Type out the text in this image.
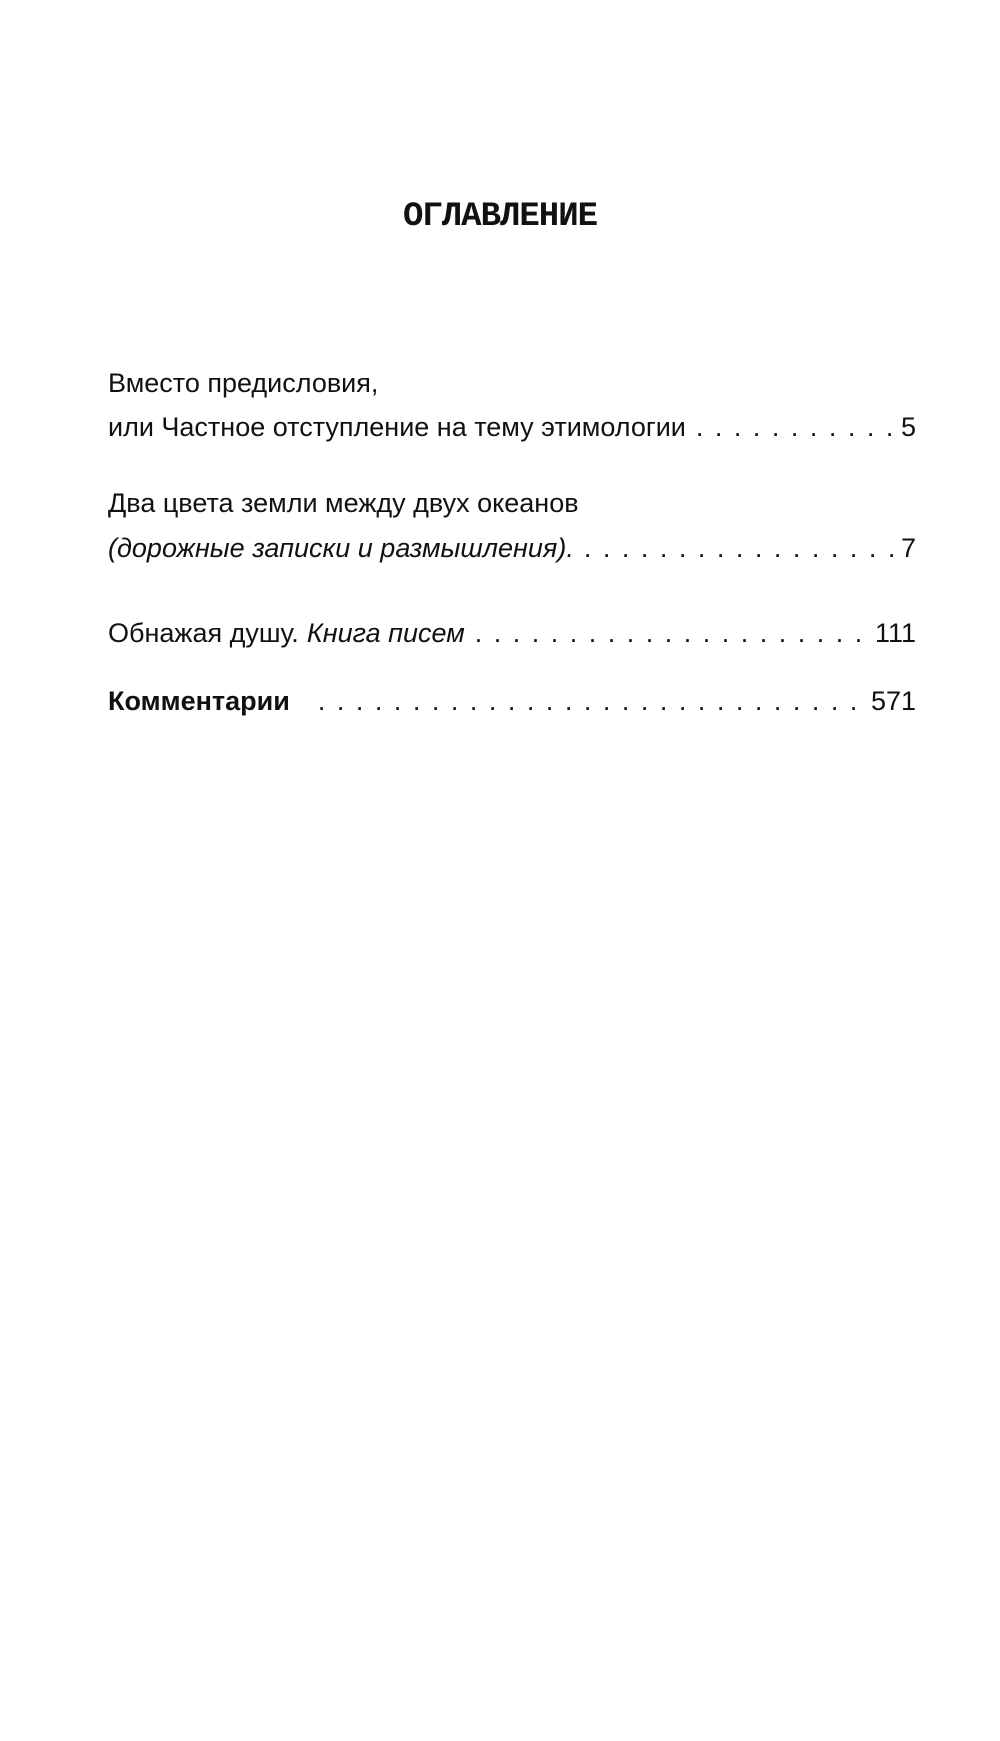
ОГЛАВЛЕНИЕ
Вместо предисловия,
или Частное отступление на тему этимологии . . .	5
Два цвета земли между двух океанов
(дорожные записки и размышления). . . .	7
Обнажая душу. Книга писем . . .	111
Комментарии . . .	571
